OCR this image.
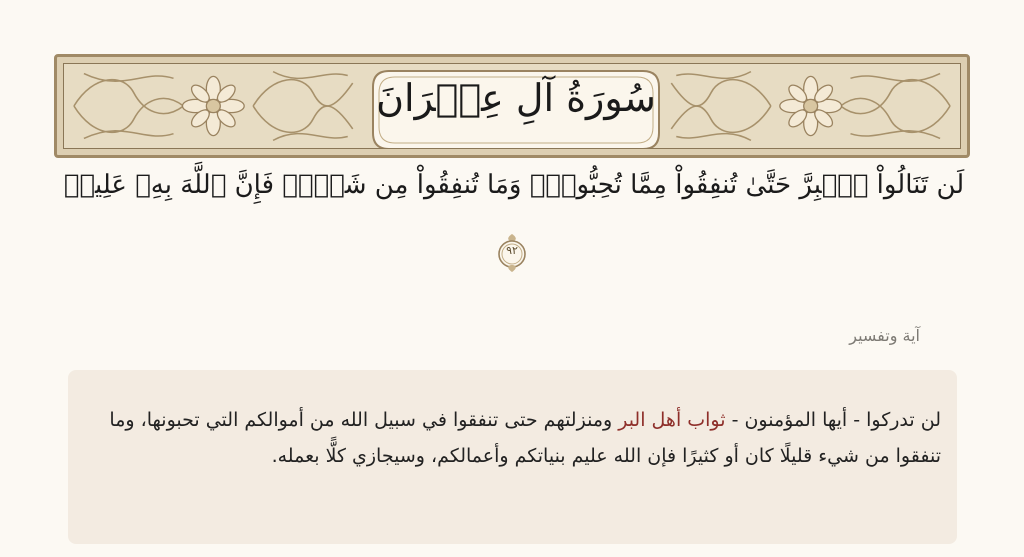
سُورَةُ آلِ عِمۡرَانَ
لَن تَنَالُواْ ٱلۡبِرَّ حَتَّىٰ تُنفِقُواْ مِمَّا تُحِبُّونَۚ وَمَا تُنفِقُواْ مِن شَيۡءٖ فَإِنَّ ٱللَّهَ بِهِۦ عَلِيمٞ
٩٢
آية وتفسير
لن تدركوا - أيها المؤمنون - ثواب أهل البر ومنزلتهم حتى تنفقوا في سبيل الله من أموالكم التي تحبونها، وما تنفقوا من شيء قليلًا كان أو كثيرًا فإن الله عليم بنياتكم وأعمالكم، وسيجازي كلًّا بعمله.
